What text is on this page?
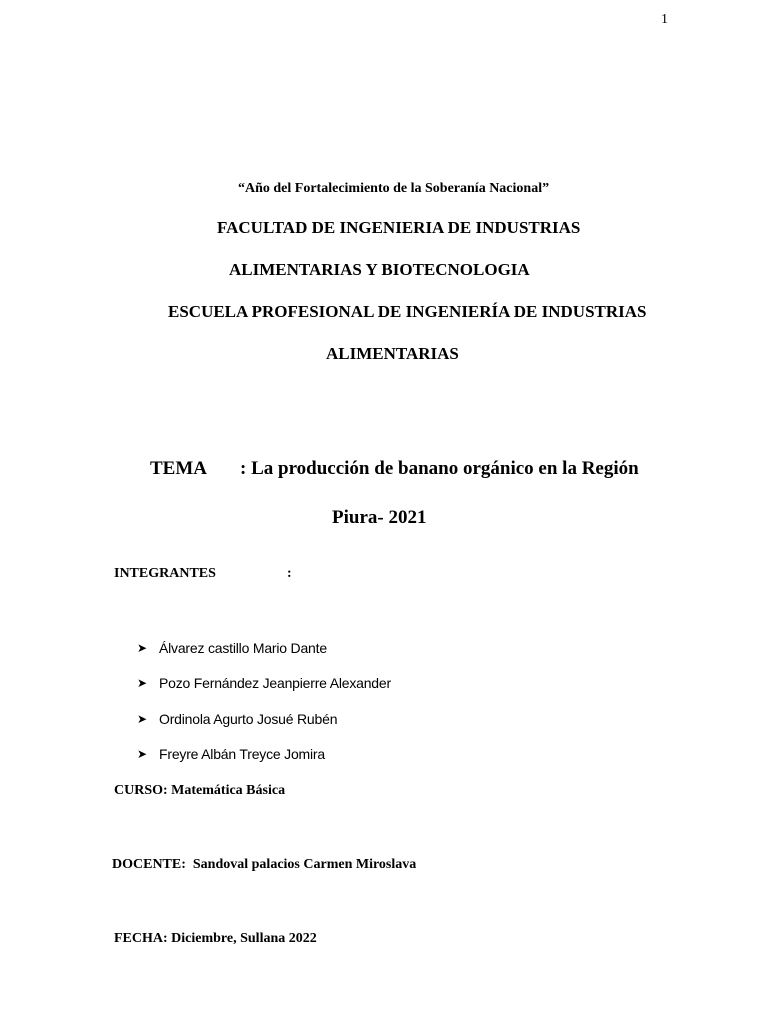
1
“Año del Fortalecimiento de la Soberanía Nacional”
FACULTAD DE INGENIERIA DE INDUSTRIAS
ALIMENTARIAS Y BIOTECNOLOGIA
ESCUELA PROFESIONAL DE INGENIERÍA DE INDUSTRIAS
ALIMENTARIAS
TEMA : La producción de banano orgánico en la Región
Piura- 2021
INTEGRANTES	:
➤ Álvarez castillo Mario Dante
➤ Pozo Fernández Jeanpierre Alexander
➤ Ordinola Agurto Josué Rubén
➤ Freyre Albán Treyce Jomira
CURSO: Matemática Básica
DOCENTE:  Sandoval palacios Carmen Miroslava
FECHA: Diciembre, Sullana 2022
